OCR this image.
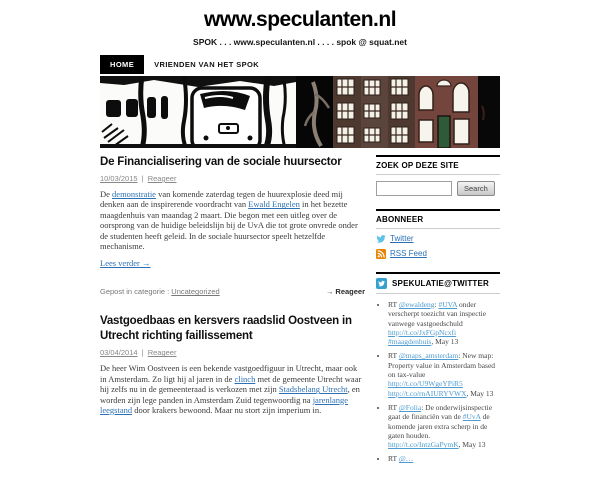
www.speculanten.nl
SPOK . . . www.speculanten.nl . . . . spok @ squat.net
HOME	VRIENDEN VAN HET SPOK
De Financialisering van de sociale huursector
10/03/2015 | Reageer

De demonstratie van komende zaterdag tegen de huurexplosie deed mij denken aan de inspirerende voordracht van Ewald Engelen in het bezette maagdenhuis van maandag 2 maart. Die begon met een uitleg over de oorsprong van de huidige beleidslijn bij de UvA die tot grote onvrede onder de studenten heeft geleid. In de sociale huursector speelt hetzelfde mechanisme.

Lees verder →
Gepost in categorie : Uncategorized	→ Reageer
Vastgoedbaas en kersvers raadslid Oostveen in Utrecht richting faillissement
03/04/2014 | Reageer

De heer Wim Oostveen is een bekende vastgoedfiguur in Utrecht, maar ook in Amsterdam. Zo ligt hij al jaren in de clinch met de gemeente Utrecht waar hij zelfs nu in de gemeenteraad is verkozen met zijn Stadsbelang Utrecht, en worden zijn lege panden in Amsterdam Zuid tegenwoordig na jarenlange leegstand door krakers bewoond. Maar nu stort zijn imperium in.

ZOEK OP DEZE SITE
Search
ABONNEER
Twitter
RSS Feed
SPEKULATIE@TWITTER
• RT @ewaldeng: #UVA onder verscherpt toezicht van inspectie vanwege vastgoedschuld http://t.co/JxFGpNcxfi #maagdenhuis, May 13
• RT @maps_amsterdam: New map: Property value in Amsterdam based on tax-value http://t.co/U9WgeYPiR5 http://t.co/rnAIURYVWX, May 13
• RT @Folia: De onderwijsinspectie gaat de financiën van de #UvA de komende jaren extra scherp in de gaten houden. http://t.co/IntzGaPymK, May 13
• RT @…
